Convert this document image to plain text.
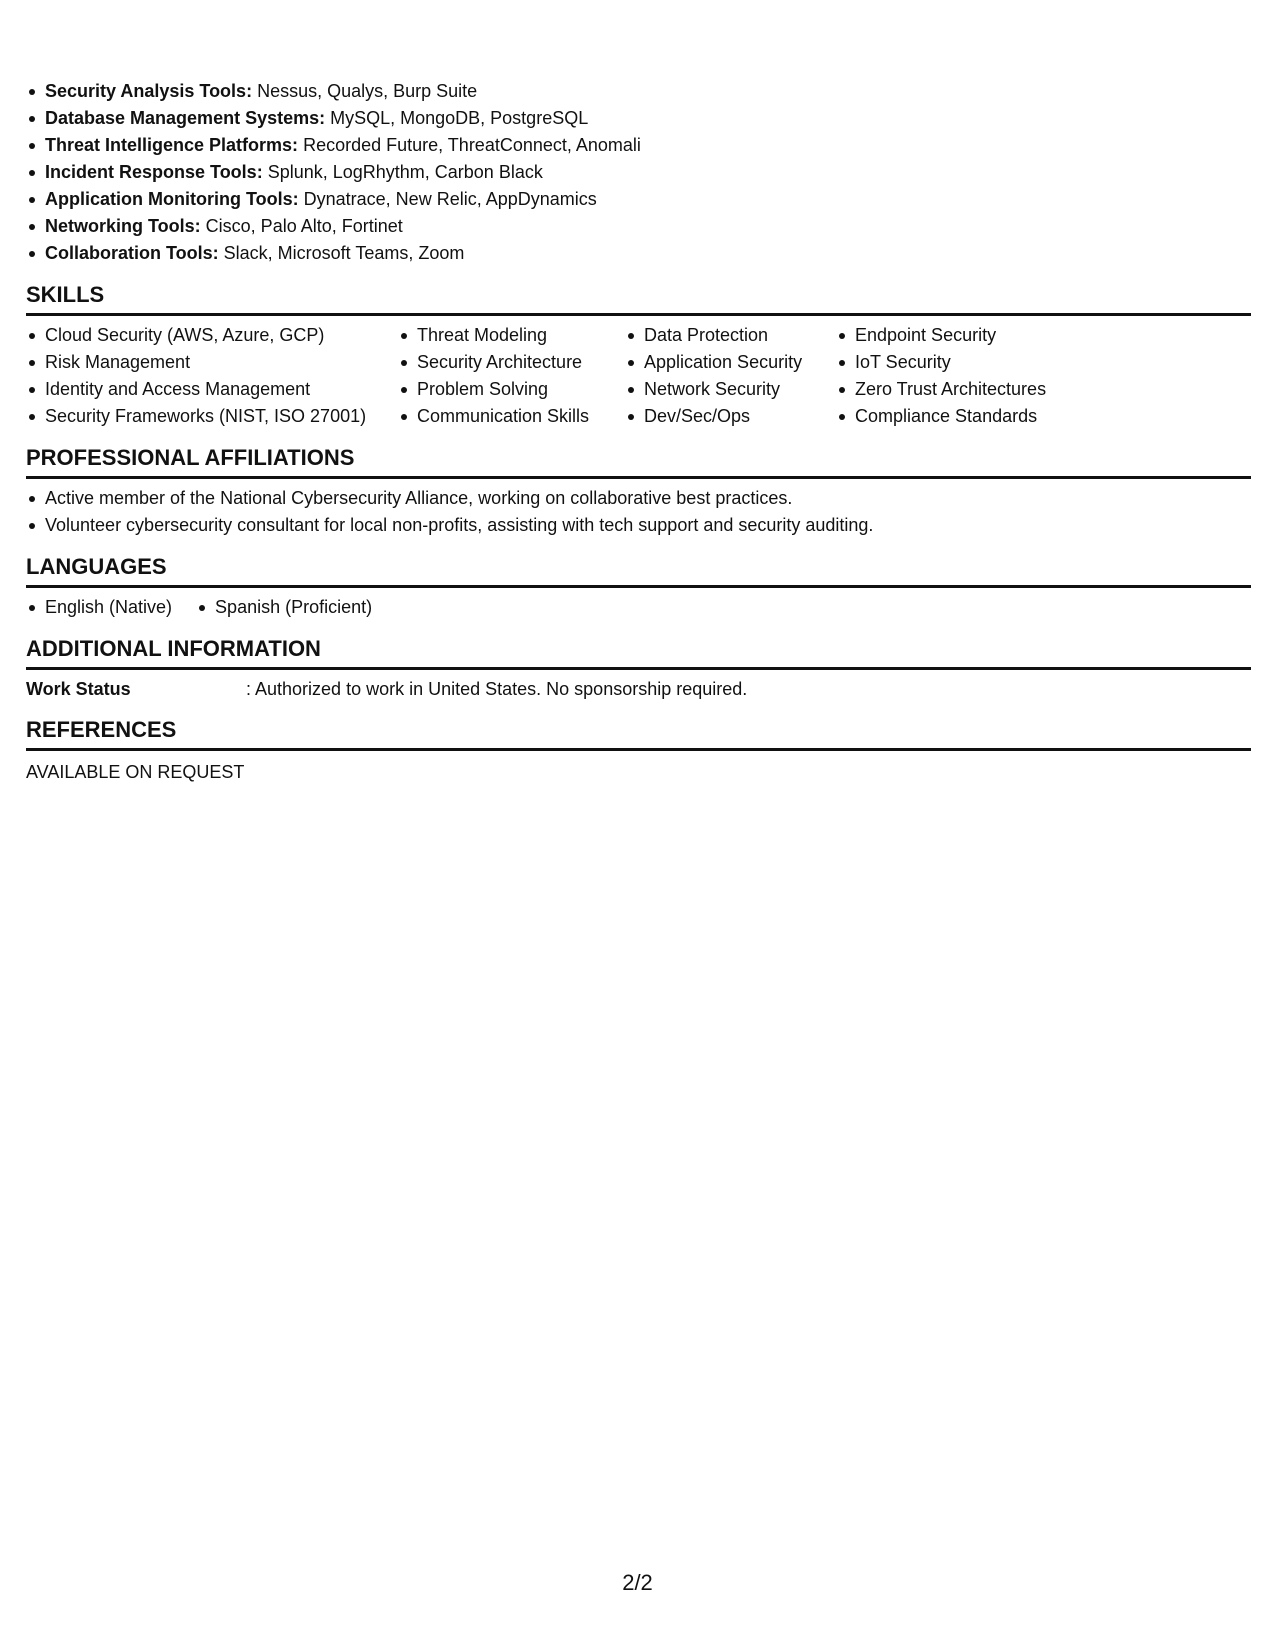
Security Analysis Tools: Nessus, Qualys, Burp Suite
Database Management Systems: MySQL, MongoDB, PostgreSQL
Threat Intelligence Platforms: Recorded Future, ThreatConnect, Anomali
Incident Response Tools: Splunk, LogRhythm, Carbon Black
Application Monitoring Tools: Dynatrace, New Relic, AppDynamics
Networking Tools: Cisco, Palo Alto, Fortinet
Collaboration Tools: Slack, Microsoft Teams, Zoom
SKILLS
Cloud Security (AWS, Azure, GCP)
Risk Management
Identity and Access Management
Security Frameworks (NIST, ISO 27001)
Threat Modeling
Security Architecture
Problem Solving
Communication Skills
Data Protection
Application Security
Network Security
Dev/Sec/Ops
Endpoint Security
IoT Security
Zero Trust Architectures
Compliance Standards
PROFESSIONAL AFFILIATIONS
Active member of the National Cybersecurity Alliance, working on collaborative best practices.
Volunteer cybersecurity consultant for local non-profits, assisting with tech support and security auditing.
LANGUAGES
English (Native)	Spanish (Proficient)
ADDITIONAL INFORMATION
Work Status	: Authorized to work in United States. No sponsorship required.
REFERENCES
AVAILABLE ON REQUEST
2/2
